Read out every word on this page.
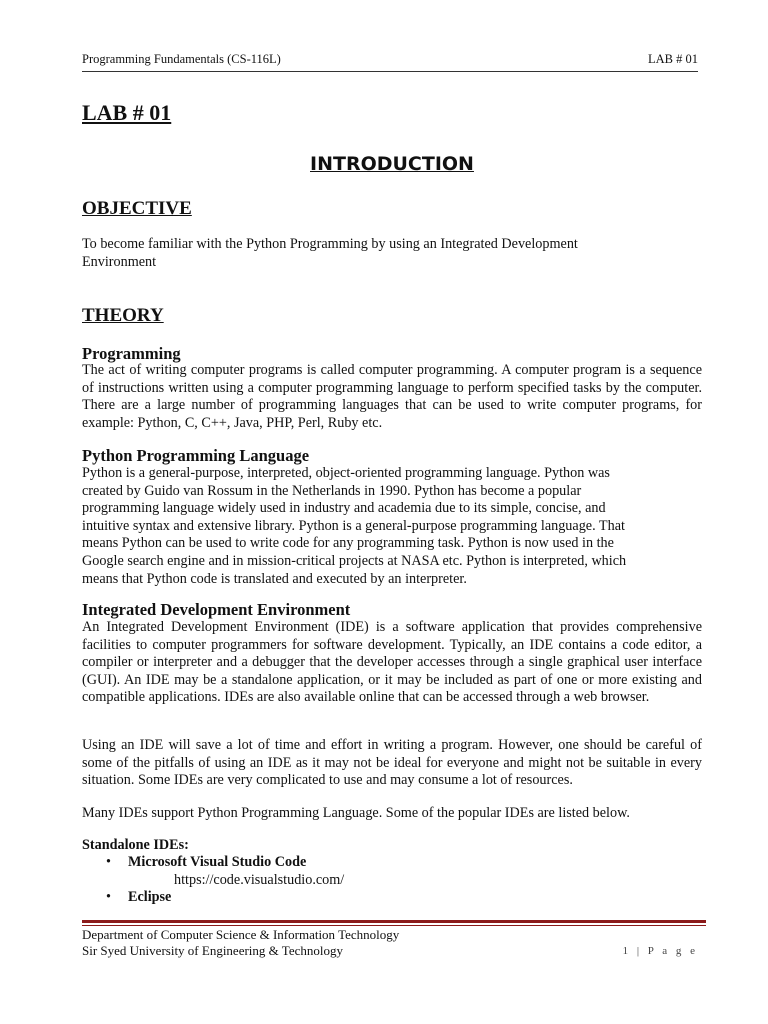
Programming Fundamentals (CS-116L)	LAB # 01
LAB # 01
INTRODUCTION
OBJECTIVE

To become familiar with the Python Programming by using an Integrated Development
Environment

THEORY
Programming

The act of writing computer programs is called computer programming. A computer program is a sequence of instructions written using a computer programming language to perform specified tasks by the computer. There are a large number of programming languages that can be used to write computer programs, for example: Python, C, C++, Java, PHP, Perl, Ruby etc.

Python Programming Language

Python is a general-purpose, interpreted, object-oriented programming language. Python was
created by Guido van Rossum in the Netherlands in 1990. Python has become a popular
programming language widely used in industry and academia due to its simple, concise, and
intuitive syntax and extensive library. Python is a general-purpose programming language. That
means Python can be used to write code for any programming task. Python is now used in the
Google search engine and in mission-critical projects at NASA etc. Python is interpreted, which
means that Python code is translated and executed by an interpreter.

Integrated Development Environment

An Integrated Development Environment (IDE) is a software application that provides comprehensive facilities to computer programmers for software development. Typically, an IDE contains a code editor, a compiler or interpreter and a debugger that the developer accesses through a single graphical user interface (GUI). An IDE may be a standalone application, or it may be included as part of one or more existing and compatible applications. IDEs are also available online that can be accessed through a web browser.

Using an IDE will save a lot of time and effort in writing a program. However, one should be careful of some of the pitfalls of using an IDE as it may not be ideal for everyone and might not be suitable in every situation. Some IDEs are very complicated to use and may consume a lot of resources.

Many IDEs support Python Programming Language. Some of the popular IDEs are listed below.

Standalone IDEs:

• Microsoft Visual Studio Code
https://code.visualstudio.com/
• Eclipse
Department of Computer Science & Information Technology
Sir Syed University of Engineering & Technology	1 | P a g e
